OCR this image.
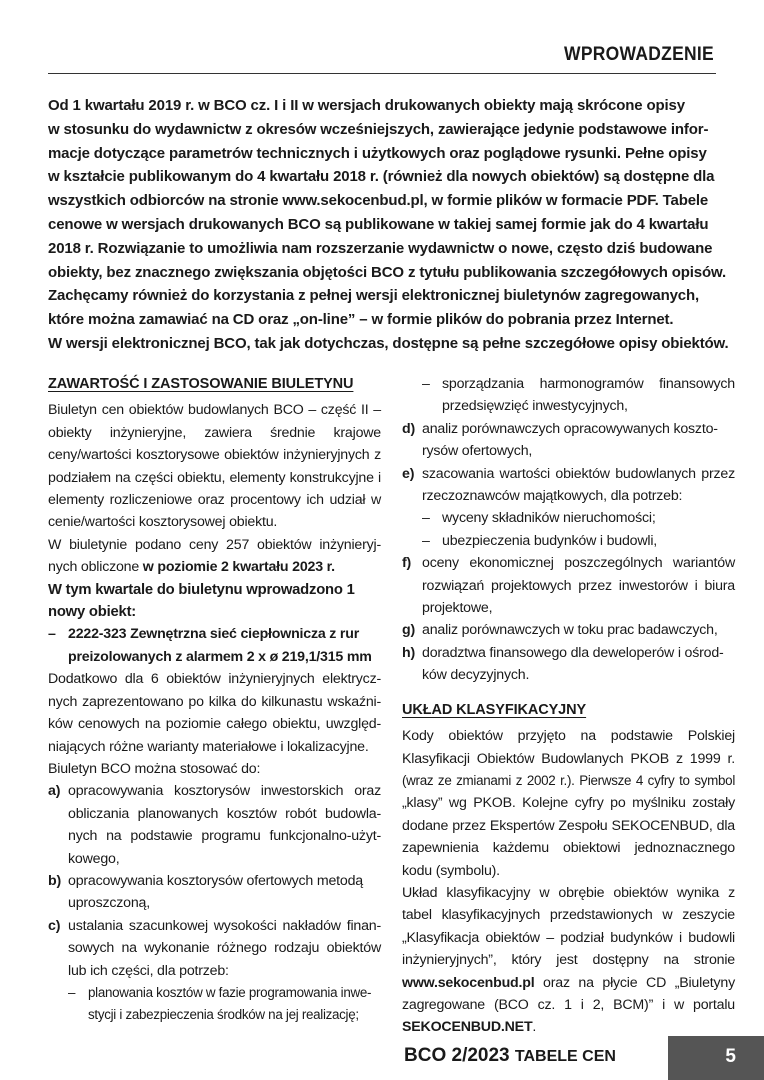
WPROWADZENIE
Od 1 kwartału 2019 r. w BCO cz. I i II w wersjach drukowanych obiekty mają skrócone opisy
w stosunku do wydawnictw z okresów wcześniejszych, zawierające jedynie podstawowe infor-
macje dotyczące parametrów technicznych i użytkowych oraz poglądowe rysunki. Pełne opisy
w kształcie publikowanym do 4 kwartału 2018 r. (również dla nowych obiektów) są dostępne dla
wszystkich odbiorców na stronie www.sekocenbud.pl, w formie plików w formacie PDF. Tabele
cenowe w wersjach drukowanych BCO są publikowane w takiej samej formie jak do 4 kwartału
2018 r. Rozwiązanie to umożliwia nam rozszerzanie wydawnictw o nowe, często dziś budowane
obiekty, bez znacznego zwiększania objętości BCO z tytułu publikowania szczegółowych opisów.
Zachęcamy również do korzystania z pełnej wersji elektronicznej biuletynów zagregowanych,
które można zamawiać na CD oraz „on-line” – w formie plików do pobrania przez Internet.
W wersji elektronicznej BCO, tak jak dotychczas, dostępne są pełne szczegółowe opisy obiektów.
ZAWARTOŚĆ I ZASTOSOWANIE BIULETYNU

Biuletyn cen obiektów budowlanych BCO – część II – obiekty inżynieryjne, zawiera średnie krajowe ceny/wartości kosztorysowe obiektów inżynieryjnych z podziałem na części obiektu, elementy konstrukcyjne i elementy rozliczeniowe oraz procentowy ich udział w cenie/wartości kosztorysowej obiektu.

W biuletynie podano ceny 257 obiektów inżynieryj-nych obliczone w poziomie 2 kwartału 2023 r.

W tym kwartale do biuletynu wprowadzono 1 nowy obiekt:

– 2222-323 Zewnętrzna sieć ciepłownicza z rur preizolowanych z alarmem 2 x ø 219,1/315 mm

Dodatkowo dla 6 obiektów inżynieryjnych elektrycz-nych zaprezentowano po kilka do kilkunastu wskaźni-ków cenowych na poziomie całego obiektu, uwzględ-niających różne warianty materiałowe i lokalizacyjne.

Biuletyn BCO można stosować do:

a) opracowywania kosztorysów inwestorskich oraz obliczania planowanych kosztów robót budowla-nych na podstawie programu funkcjonalno-użyt-kowego,
b) opracowywania kosztorysów ofertowych metodą uproszczoną,
c) ustalania szacunkowej wysokości nakładów finan-sowych na wykonanie różnego rodzaju obiektów lub ich części, dla potrzeb:
– planowania kosztów w fazie programowania inwe-stycji i zabezpieczenia środków na jej realizację;
– sporządzania harmonogramów finansowych przedsięwzięć inwestycyjnych,
d) analiz porównawczych opracowywanych koszto-rysów ofertowych,
e) szacowania wartości obiektów budowlanych przez rzeczoznawców majątkowych, dla potrzeb:
– wyceny składników nieruchomości;
– ubezpieczenia budynków i budowli,
f) oceny ekonomicznej poszczególnych wariantów rozwiązań projektowych przez inwestorów i biura projektowe,
g) analiz porównawczych w toku prac badawczych,
h) doradztwa finansowego dla deweloperów i ośrod-ków decyzyjnych.
UKŁAD KLASYFIKACYJNY

Kody obiektów przyjęto na podstawie Polskiej Klasyfikacji Obiektów Budowlanych PKOB z 1999 r. (wraz ze zmianami z 2002 r.). Pierwsze 4 cyfry to symbol „klasy” wg PKOB. Kolejne cyfry po myślniku zostały dodane przez Ekspertów Zespołu SEKOCENBUD, dla zapewnienia każdemu obiektowi jednoznacznego kodu (symbolu).

Układ klasyfikacyjny w obrębie obiektów wynika z tabel klasyfikacyjnych przedstawionych w zeszycie „Klasyfikacja obiektów – podział budynków i budowli inżynieryjnych”, który jest dostępny na stronie www.sekocenbud.pl oraz na płycie CD „Biuletyny zagregowane (BCO cz. 1 i 2, BCM)” i w portalu SEKOCENBUD.NET.

BCO 2/2023 TABELE CEN	5
